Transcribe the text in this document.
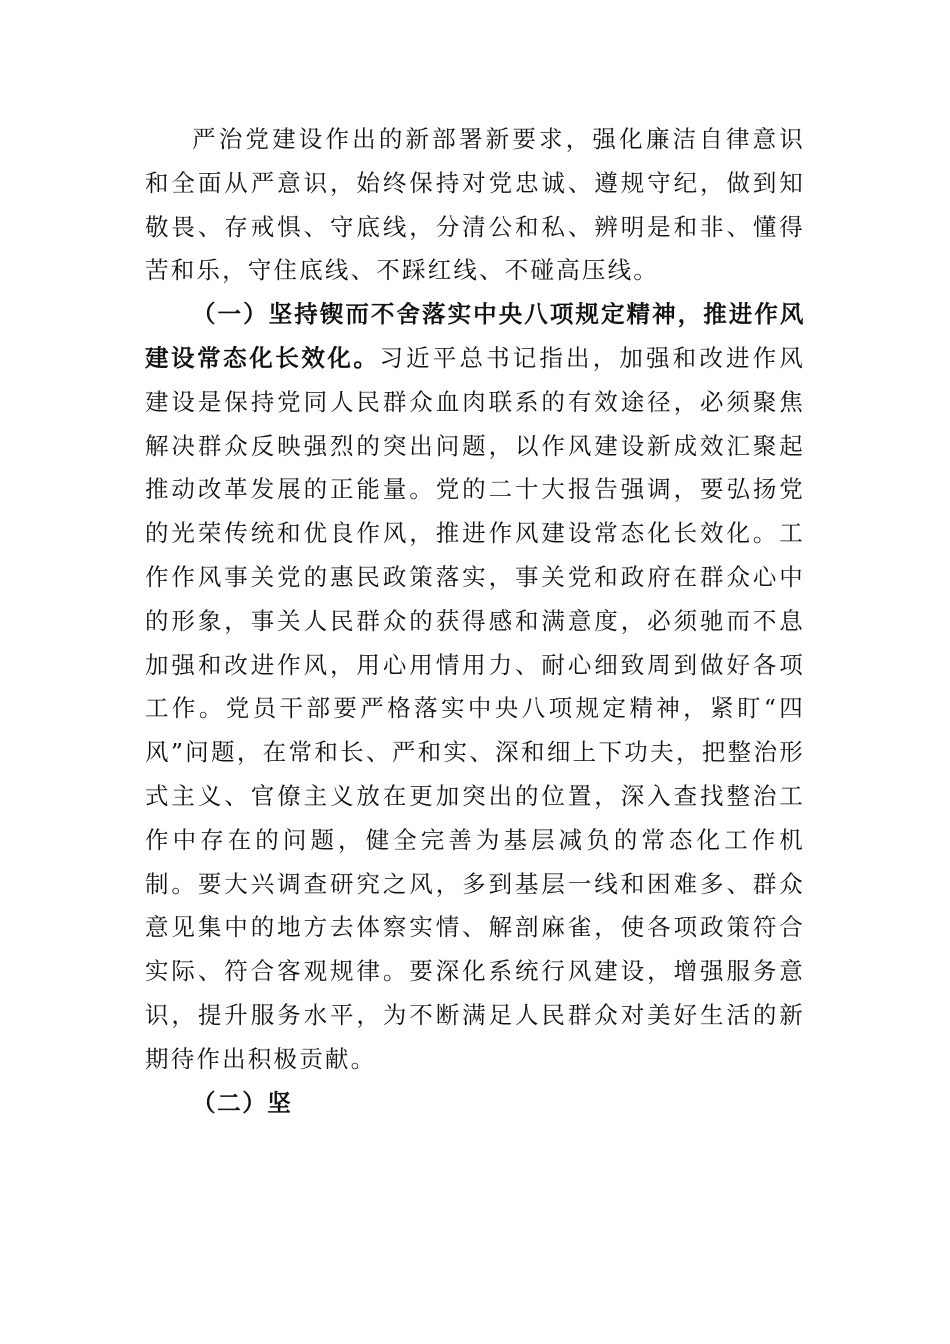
严治党建设作出的新部署新要求，强化廉洁自律意识和全面从严意识，始终保持对党忠诚、遵规守纪，做到知敬畏、存戒惧、守底线，分清公和私、辨明是和非、懂得苦和乐，守住底线、不踩红线、不碰高压线。

（一）坚持锲而不舍落实中央八项规定精神，推进作风建设常态化长效化。习近平总书记指出，加强和改进作风建设是保持党同人民群众血肉联系的有效途径，必须聚焦解决群众反映强烈的突出问题，以作风建设新成效汇聚起推动改革发展的正能量。党的二十大报告强调，要弘扬党的光荣传统和优良作风，推进作风建设常态化长效化。工作作风事关党的惠民政策落实，事关党和政府在群众心中的形象，事关人民群众的获得感和满意度，必须驰而不息加强和改进作风，用心用情用力、耐心细致周到做好各项工作。党员干部要严格落实中央八项规定精神，紧盯“四风”问题，在常和长、严和实、深和细上下功夫，把整治形式主义、官僚主义放在更加突出的位置，深入查找整治工作中存在的问题，健全完善为基层减负的常态化工作机制。要大兴调查研究之风，多到基层一线和困难多、群众意见集中的地方去体察实情、解剖麻雀，使各项政策符合实际、符合客观规律。要深化系统行风建设，增强服务意识，提升服务水平，为不断满足人民群众对美好生活的新期待作出积极贡献。

（二）坚
